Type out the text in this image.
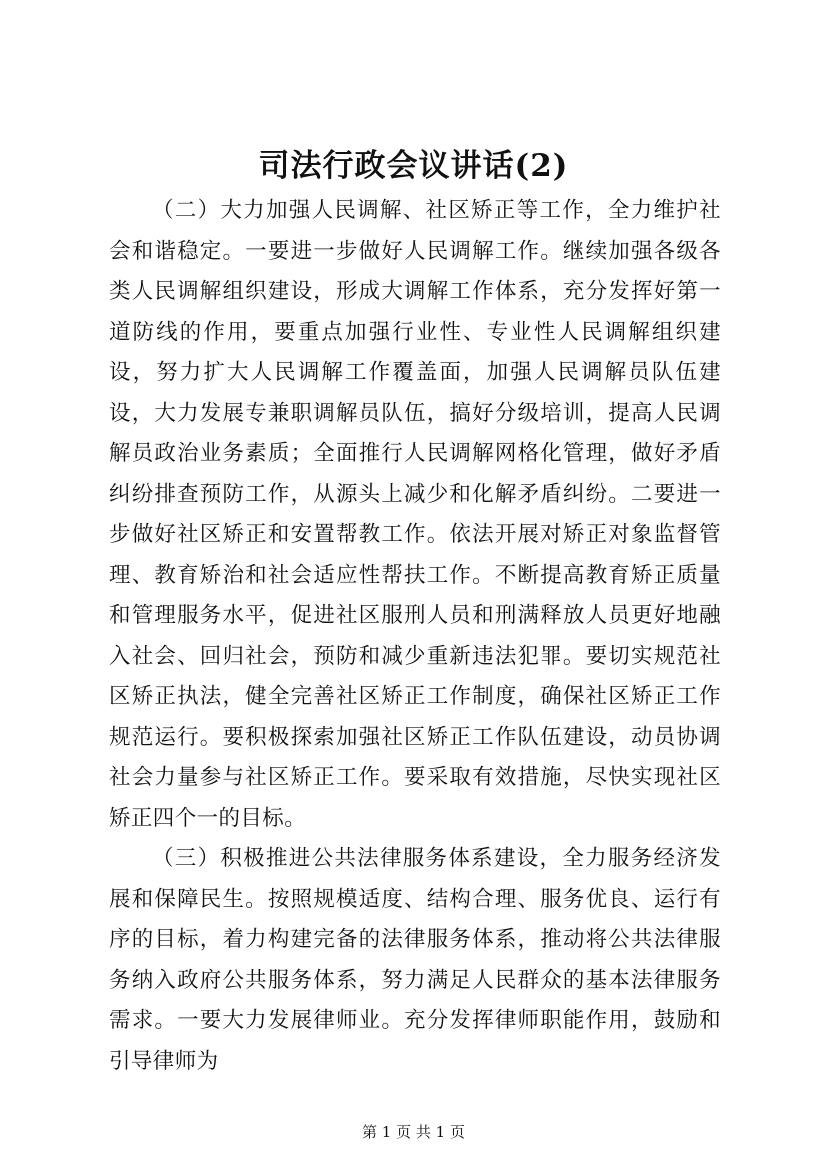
司法行政会议讲话(2)

（二）大力加强人民调解、社区矫正等工作，全力维护社会和谐稳定。一要进一步做好人民调解工作。继续加强各级各类人民调解组织建设，形成大调解工作体系，充分发挥好第一道防线的作用，要重点加强行业性、专业性人民调解组织建设，努力扩大人民调解工作覆盖面，加强人民调解员队伍建设，大力发展专兼职调解员队伍，搞好分级培训，提高人民调解员政治业务素质；全面推行人民调解网格化管理，做好矛盾纠纷排查预防工作，从源头上减少和化解矛盾纠纷。二要进一步做好社区矫正和安置帮教工作。依法开展对矫正对象监督管理、教育矫治和社会适应性帮扶工作。不断提高教育矫正质量和管理服务水平，促进社区服刑人员和刑满释放人员更好地融入社会、回归社会，预防和减少重新违法犯罪。要切实规范社区矫正执法，健全完善社区矫正工作制度，确保社区矫正工作规范运行。要积极探索加强社区矫正工作队伍建设，动员协调社会力量参与社区矫正工作。要采取有效措施，尽快实现社区矫正四个一的目标。

（三）积极推进公共法律服务体系建设，全力服务经济发展和保障民生。按照规模适度、结构合理、服务优良、运行有序的目标，着力构建完备的法律服务体系，推动将公共法律服务纳入政府公共服务体系，努力满足人民群众的基本法律服务需求。一要大力发展律师业。充分发挥律师职能作用，鼓励和引导律师为

第 1 页 共 1 页
